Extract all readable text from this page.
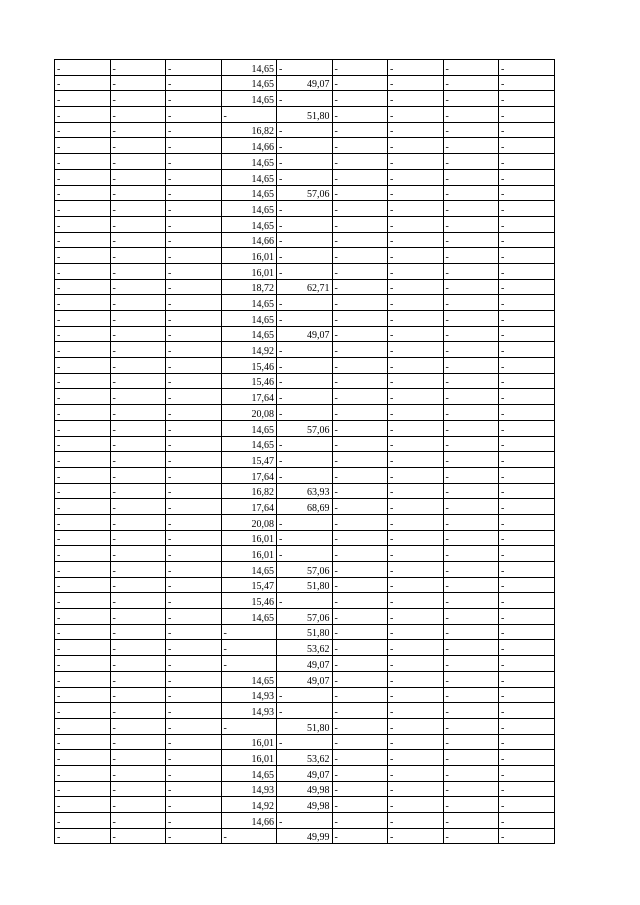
-	-	-	14,65	-	-	-	-	-
-	-	-	14,65	49,07	-	-	-	-
-	-	-	14,65	-	-	-	-	-
-	-	-	-	51,80	-	-	-	-
-	-	-	16,82	-	-	-	-	-
-	-	-	14,66	-	-	-	-	-
-	-	-	14,65	-	-	-	-	-
-	-	-	14,65	-	-	-	-	-
-	-	-	14,65	57,06	-	-	-	-
-	-	-	14,65	-	-	-	-	-
-	-	-	14,65	-	-	-	-	-
-	-	-	14,66	-	-	-	-	-
-	-	-	16,01	-	-	-	-	-
-	-	-	16,01	-	-	-	-	-
-	-	-	18,72	62,71	-	-	-	-
-	-	-	14,65	-	-	-	-	-
-	-	-	14,65	-	-	-	-	-
-	-	-	14,65	49,07	-	-	-	-
-	-	-	14,92	-	-	-	-	-
-	-	-	15,46	-	-	-	-	-
-	-	-	15,46	-	-	-	-	-
-	-	-	17,64	-	-	-	-	-
-	-	-	20,08	-	-	-	-	-
-	-	-	14,65	57,06	-	-	-	-
-	-	-	14,65	-	-	-	-	-
-	-	-	15,47	-	-	-	-	-
-	-	-	17,64	-	-	-	-	-
-	-	-	16,82	63,93	-	-	-	-
-	-	-	17,64	68,69	-	-	-	-
-	-	-	20,08	-	-	-	-	-
-	-	-	16,01	-	-	-	-	-
-	-	-	16,01	-	-	-	-	-
-	-	-	14,65	57,06	-	-	-	-
-	-	-	15,47	51,80	-	-	-	-
-	-	-	15,46	-	-	-	-	-
-	-	-	14,65	57,06	-	-	-	-
-	-	-	-	51,80	-	-	-	-
-	-	-	-	53,62	-	-	-	-
-	-	-	-	49,07	-	-	-	-
-	-	-	14,65	49,07	-	-	-	-
-	-	-	14,93	-	-	-	-	-
-	-	-	14,93	-	-	-	-	-
-	-	-	-	51,80	-	-	-	-
-	-	-	16,01	-	-	-	-	-
-	-	-	16,01	53,62	-	-	-	-
-	-	-	14,65	49,07	-	-	-	-
-	-	-	14,93	49,98	-	-	-	-
-	-	-	14,92	49,98	-	-	-	-
-	-	-	14,66	-	-	-	-	-
-	-	-	-	49,99	-	-	-	-
